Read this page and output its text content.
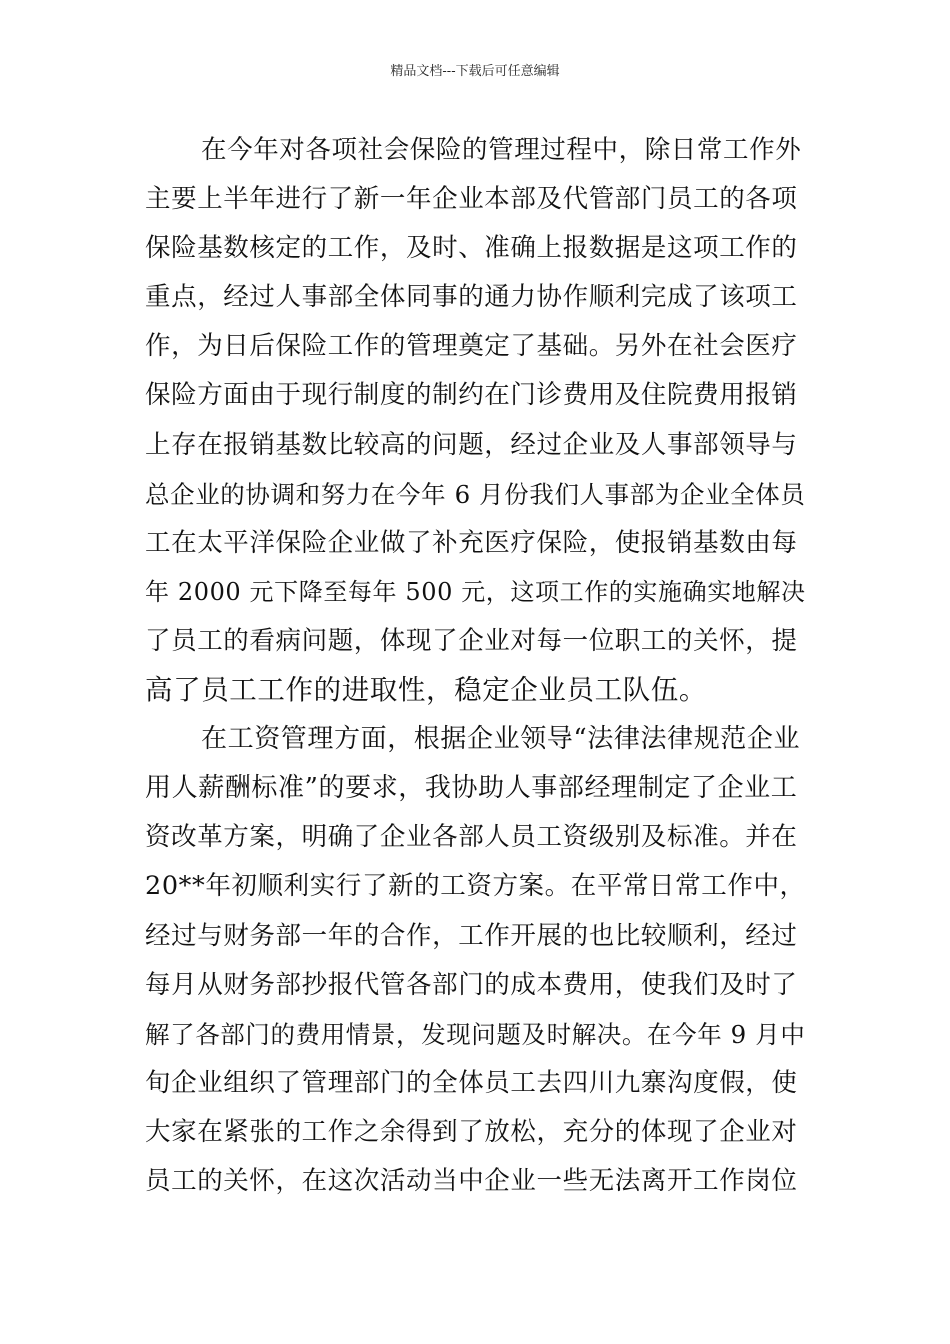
精品文档---下载后可任意编辑
在今年对各项社会保险的管理过程中，除日常工作外
主要上半年进行了新一年企业本部及代管部门员工的各项
保险基数核定的工作，及时、准确上报数据是这项工作的
重点，经过人事部全体同事的通力协作顺利完成了该项工
作，为日后保险工作的管理奠定了基础。另外在社会医疗
保险方面由于现行制度的制约在门诊费用及住院费用报销
上存在报销基数比较高的问题，经过企业及人事部领导与
总企业的协调和努力在今年 6 月份我们人事部为企业全体员
工在太平洋保险企业做了补充医疗保险，使报销基数由每
年 2000 元下降至每年 500 元，这项工作的实施确实地解决
了员工的看病问题，体现了企业对每一位职工的关怀，提
高了员工工作的进取性，稳定企业员工队伍。
在工资管理方面，根据企业领导“法律法律规范企业
用人薪酬标准”的要求，我协助人事部经理制定了企业工
资改革方案，明确了企业各部人员工资级别及标准。并在
20**年初顺利实行了新的工资方案。在平常日常工作中，
经过与财务部一年的合作，工作开展的也比较顺利，经过
每月从财务部抄报代管各部门的成本费用，使我们及时了
解了各部门的费用情景，发现问题及时解决。在今年 9 月中
旬企业组织了管理部门的全体员工去四川九寨沟度假，使
大家在紧张的工作之余得到了放松，充分的体现了企业对
员工的关怀，在这次活动当中企业一些无法离开工作岗位
